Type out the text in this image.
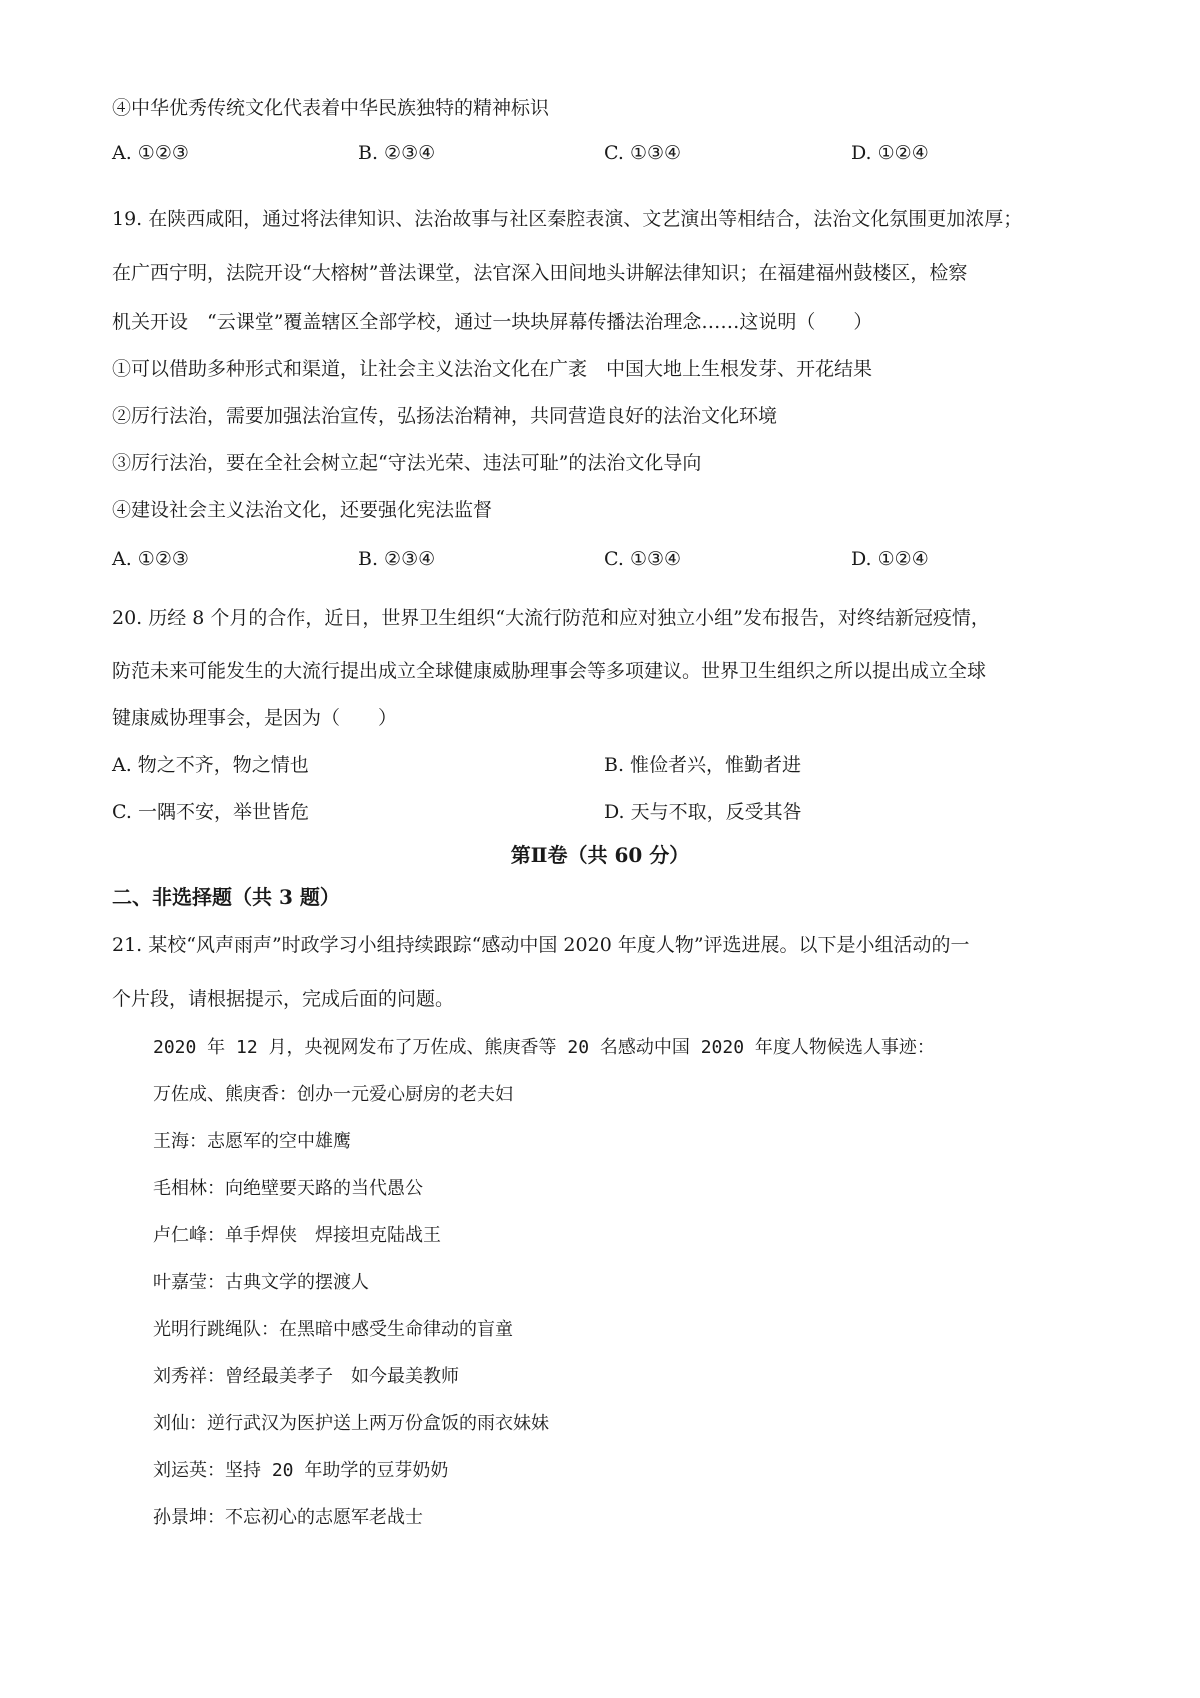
④中华优秀传统文化代表着中华民族独特的精神标识
A. ①②③	B. ②③④	C. ①③④	D. ①②④
19. 在陕西咸阳，通过将法律知识、法治故事与社区秦腔表演、文艺演出等相结合，法治文化氛围更加浓厚；
在广西宁明，法院开设“大榕树”普法课堂，法官深入田间地头讲解法律知识；在福建福州鼓楼区，检察
机关开设　“云课堂”覆盖辖区全部学校，通过一块块屏幕传播法治理念……这说明（　　）
①可以借助多种形式和渠道，让社会主义法治文化在广袤　中国大地上生根发芽、开花结果
②厉行法治，需要加强法治宣传，弘扬法治精神，共同营造良好的法治文化环境
③厉行法治，要在全社会树立起“守法光荣、违法可耻”的法治文化导向
④建设社会主义法治文化，还要强化宪法监督
A. ①②③	B. ②③④	C. ①③④	D. ①②④
20. 历经 8 个月的合作，近日，世界卫生组织“大流行防范和应对独立小组”发布报告，对终结新冠疫情，
防范未来可能发生的大流行提出成立全球健康威胁理事会等多项建议。世界卫生组织之所以提出成立全球
键康威协理事会，是因为（　　）
A. 物之不齐，物之情也	B. 惟俭者兴，惟勤者进
C. 一隅不安，举世皆危	D. 天与不取，反受其咎
第Ⅱ卷（共 60 分）
二、非选择题（共 3 题）
21. 某校“风声雨声”时政学习小组持续跟踪“感动中国 2020 年度人物”评选进展。以下是小组活动的一
个片段，请根据提示，完成后面的问题。
2020 年 12 月，央视网发布了万佐成、熊庚香等 20 名感动中国 2020 年度人物候选人事迹：
万佐成、熊庚香：创办一元爱心厨房的老夫妇
王海：志愿军的空中雄鹰
毛相林：向绝壁要天路的当代愚公
卢仁峰：单手焊侠　焊接坦克陆战王
叶嘉莹：古典文学的摆渡人
光明行跳绳队：在黑暗中感受生命律动的盲童
刘秀祥：曾经最美孝子　如今最美教师
刘仙：逆行武汉为医护送上两万份盒饭的雨衣妹妹
刘运英：坚持 20 年助学的豆芽奶奶
孙景坤：不忘初心的志愿军老战士
